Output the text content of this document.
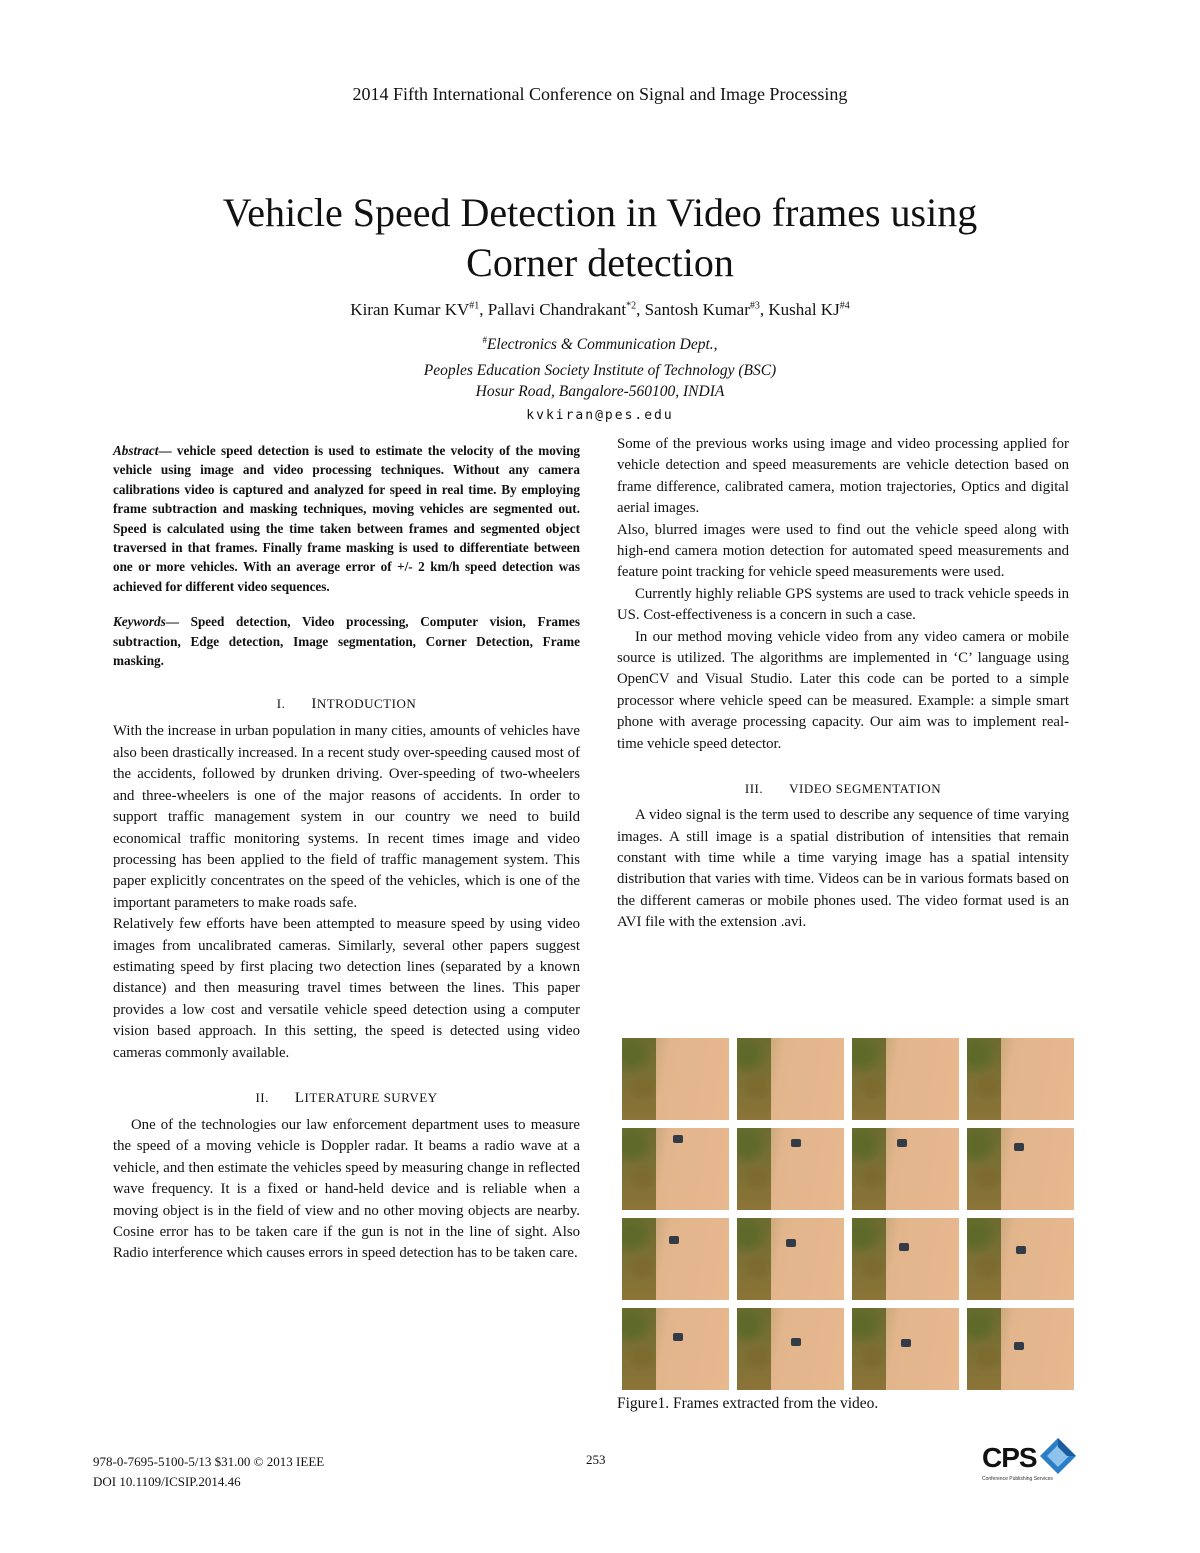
2014 Fifth International Conference on Signal and Image Processing
Vehicle Speed Detection in Video frames using
Corner detection
Kiran Kumar KV$^{\#1}$, Pallavi Chandrakant$^{*2}$, Santosh Kumar$^{\#3}$, Kushal KJ$^{\#4}$
#Electronics & Communication Dept.,
Peoples Education Society Institute of Technology (BSC)
Hosur Road, Bangalore-560100, INDIA
kvkiran@pes.edu
Abstract— vehicle speed detection is used to estimate the velocity of the moving vehicle using image and video processing techniques. Without any camera calibrations video is captured and analyzed for speed in real time. By employing frame subtraction and masking techniques, moving vehicles are segmented out. Speed is calculated using the time taken between frames and segmented object traversed in that frames. Finally frame masking is used to differentiate between one or more vehicles. With an average error of +/- 2 km/h speed detection was achieved for different video sequences.
Keywords— Speed detection, Video processing, Computer vision, Frames subtraction, Edge detection, Image segmentation, Corner Detection, Frame masking.
I. INTRODUCTION

With the increase in urban population in many cities, amounts of vehicles have also been drastically increased. In a recent study over-speeding caused most of the accidents, followed by drunken driving. Over-speeding of two-wheelers and three-wheelers is one of the major reasons of accidents. In order to support traffic management system in our country we need to build economical traffic monitoring systems. In recent times image and video processing has been applied to the field of traffic management system. This paper explicitly concentrates on the speed of the vehicles, which is one of the important parameters to make roads safe.

Relatively few efforts have been attempted to measure speed by using video images from uncalibrated cameras. Similarly, several other papers suggest estimating speed by first placing two detection lines (separated by a known distance) and then measuring travel times between the lines. This paper provides a low cost and versatile vehicle speed detection using a computer vision based approach. In this setting, the speed is detected using video cameras commonly available.

II. LITERATURE SURVEY

One of the technologies our law enforcement department uses to measure the speed of a moving vehicle is Doppler radar. It beams a radio wave at a vehicle, and then estimate the vehicles speed by measuring change in reflected wave frequency. It is a fixed or hand-held device and is reliable when a moving object is in the field of view and no other moving objects are nearby. Cosine error has to be taken care if the gun is not in the line of sight. Also Radio interference which causes errors in speed detection has to be taken care.

Some of the previous works using image and video processing applied for vehicle detection and speed measurements are vehicle detection based on frame difference, calibrated camera, motion trajectories, Optics and digital aerial images.

Also, blurred images were used to find out the vehicle speed along with high-end camera motion detection for automated speed measurements and feature point tracking for vehicle speed measurements were used.

Currently highly reliable GPS systems are used to track vehicle speeds in US. Cost-effectiveness is a concern in such a case.

In our method moving vehicle video from any video camera or mobile source is utilized. The algorithms are implemented in ‘C’ language using OpenCV and Visual Studio. Later this code can be ported to a simple processor where vehicle speed can be measured. Example: a simple smart phone with average processing capacity. Our aim was to implement real- time vehicle speed detector.

III. VIDEO SEGMENTATION

A video signal is the term used to describe any sequence of time varying images. A still image is a spatial distribution of intensities that remain constant with time while a time varying image has a spatial intensity distribution that varies with time. Videos can be in various formats based on the different cameras or mobile phones used. The video format used is an AVI file with the extension .avi.

Figure1. Frames extracted from the video.
978-0-7695-5100-5/13 $31.00 © 2013 IEEE
DOI 10.1109/ICSIP.2014.46
253	CPS
Conference Publishing Services
